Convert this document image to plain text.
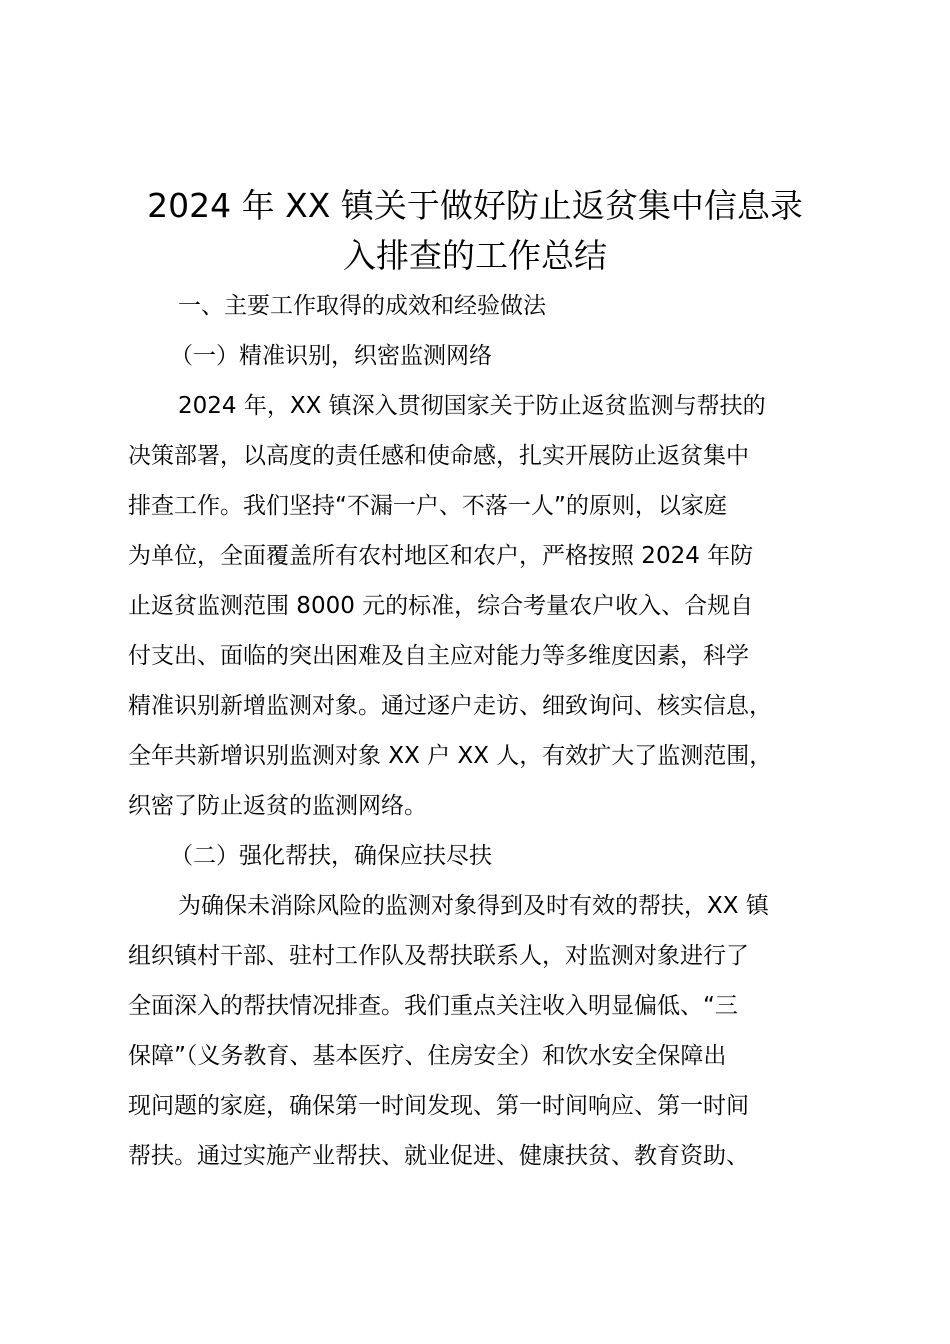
2024 年 XX 镇关于做好防止返贫集中信息录
入排查的工作总结

一、主要工作取得的成效和经验做法

（一）精准识别，织密监测网络

2024 年，XX 镇深入贯彻国家关于防止返贫监测与帮扶的

决策部署，以高度的责任感和使命感，扎实开展防止返贫集中

排查工作。我们坚持“不漏一户、不落一人”的原则，以家庭

为单位，全面覆盖所有农村地区和农户，严格按照 2024 年防

止返贫监测范围 8000 元的标准，综合考量农户收入、合规自

付支出、面临的突出困难及自主应对能力等多维度因素，科学

精准识别新增监测对象。通过逐户走访、细致询问、核实信息，

全年共新增识别监测对象 XX 户 XX 人，有效扩大了监测范围，

织密了防止返贫的监测网络。

（二）强化帮扶，确保应扶尽扶

为确保未消除风险的监测对象得到及时有效的帮扶，XX 镇

组织镇村干部、驻村工作队及帮扶联系人，对监测对象进行了

全面深入的帮扶情况排查。我们重点关注收入明显偏低、“三

保障”（义务教育、基本医疗、住房安全）和饮水安全保障出

现问题的家庭，确保第一时间发现、第一时间响应、第一时间

帮扶。通过实施产业帮扶、就业促进、健康扶贫、教育资助、
